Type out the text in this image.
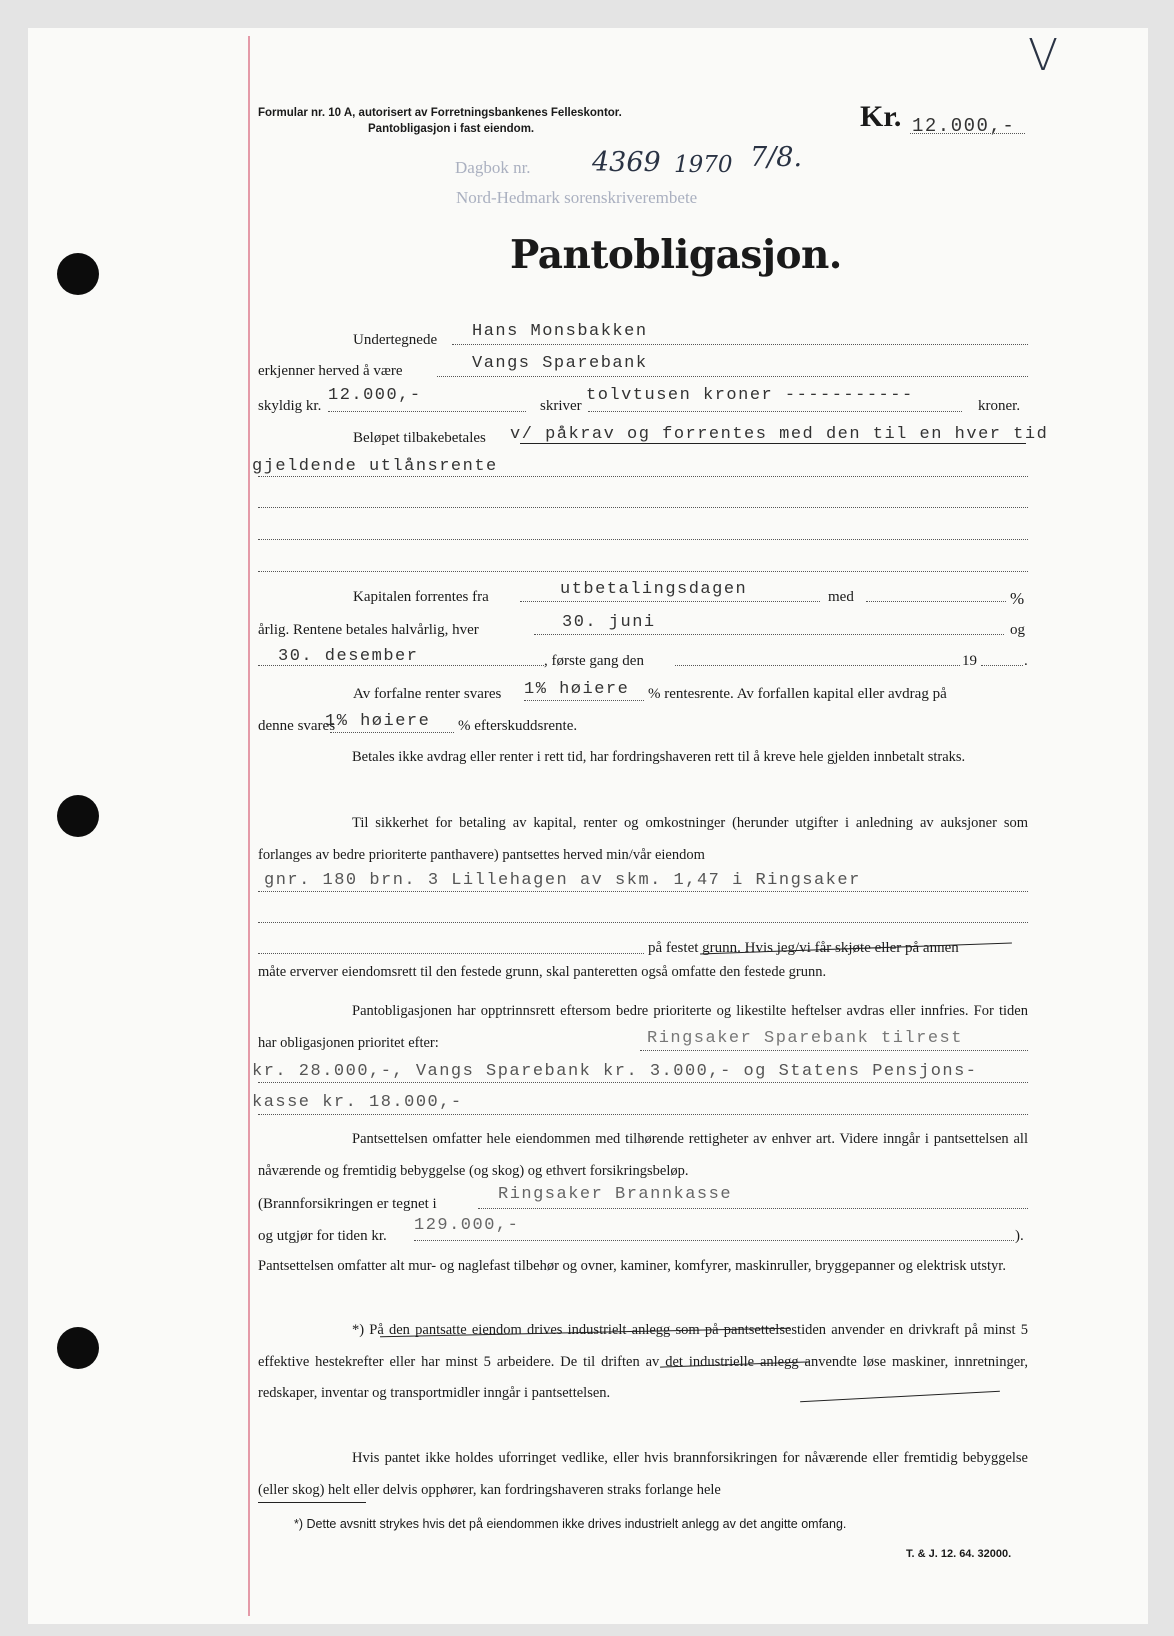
Formular nr. 10 A, autorisert av Forretningsbankenes Felleskontor.
Pantobligasjon i fast eiendom.	Kr. 12.000,-
V
Dagbok nr. 4369 1970 7/8.
Nord-Hedmark sorenskriverembete
Pantobligasjon.
Undertegnede Hans Monsbakken
erkjenner herved å være	Vangs Sparebank
skyldig kr.
12.000,-
skriver
tolvtusen kroner -----------
kroner.
Beløpet tilbakebetales v/ påkrav og forrentes med den til en hver tid
gjeldende utlånsrente
Kapitalen forrentes fra	utbetalingsdagen	med	%
årlig. Rentene betales halvårlig, hver	30. juni	og
30. desember	, første gang den	19	.
Av forfalne renter svares 1% høiere % rentesrente. Av forfallen kapital eller avdrag på
denne svares
1% høiere % efterskuddsrente.
Betales ikke avdrag eller renter i rett tid, har fordringshaveren rett til å kreve hele gjelden innbetalt straks.
Til sikkerhet for betaling av kapital, renter og omkostninger (herunder utgifter i anledning av auksjoner som forlanges av bedre prioriterte panthavere) pantsettes herved min/vår eiendom
gnr. 180 brn. 3 Lillehagen av skm. 1,47 i Ringsaker
på festet grunn. Hvis jeg/vi får skjøte eller på annen
måte erverver eiendomsrett til den festede grunn, skal panteretten også omfatte den festede grunn.
Pantobligasjonen har opptrinnsrett eftersom bedre prioriterte og likestilte heftelser avdras eller innfries. For tiden har obligasjonen prioritet efter:	Ringsaker Sparebank tilrest
kr. 28.000,-, Vangs Sparebank kr. 3.000,- og Statens Pensjons-
kasse kr. 18.000,-
Pantsettelsen omfatter hele eiendommen med tilhørende rettigheter av enhver art. Videre inngår i pantsettelsen all nåværende og fremtidig bebyggelse (og skog) og ethvert forsikringsbeløp.
(Brannforsikringen er tegnet i	Ringsaker Brannkasse
og utgjør for tiden kr.
129.000,-
).
Pantsettelsen omfatter alt mur- og naglefast tilbehør og ovner, kaminer, komfyrer, maskinruller, bryggepanner og elektrisk utstyr.
*) På den pantsatte eiendom drives industrielt anlegg som på pantsettelsestiden anvender en drivkraft på minst 5 effektive hestekrefter eller har minst 5 arbeidere. De til driften av det industrielle anlegg anvendte løse maskiner, innretninger, redskaper, inventar og transportmidler inngår i pantsettelsen.
Hvis pantet ikke holdes uforringet vedlike, eller hvis brannforsikringen for nåværende eller fremtidig bebyggelse (eller skog) helt eller delvis opphører, kan fordringshaveren straks forlange hele
*) Dette avsnitt strykes hvis det på eiendommen ikke drives industrielt anlegg av det angitte omfang.
T. & J. 12. 64. 32000.
